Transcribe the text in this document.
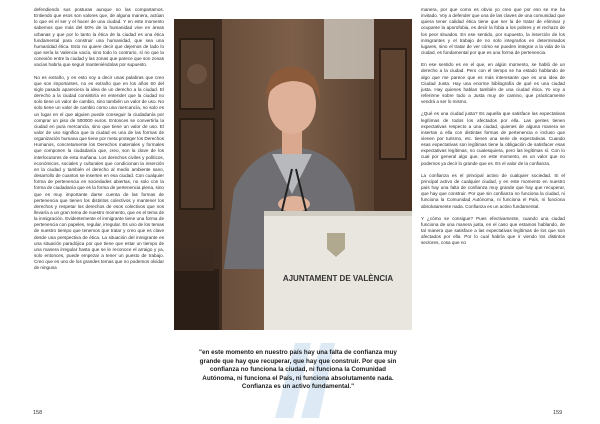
defendiendo sus posturas aunque no las compartamos. Entiendo que esos son valores que, de alguna manera, actúan lo que es el ser y el hacer de una ciudad. Y en este momento sabemos que más del 50% de la humanidad vive en áreas urbanas y que por lo tanto la ética de la ciudad es una ética fundamental para construir una humanidad, que sea una humanidad ética. Esto no quiere decir que dejemos de lado lo que sería la Valencia vacía, sino todo lo contrario, sí no que la conexión entre la ciudad y las zonas que parece que son zonas vacías habría que seguir manteniéndolas por supuesto.

No es extraño, y en esto voy a decir unas palabras que creo que son importantes, no es extraño que en los años 60 del siglo pasado apareciera la idea de un derecho a la ciudad. El derecho a la ciudad consistiría en entender que la ciudad no solo tiene un valor de cambio, sino también un valor de uso. No solo tiene un valor de cambio como una mercancía, no solo es un lugar en el que alguien puede conseguir la ciudadanía por comprar un piso de 500000 euros. Entonces se convertiría la ciudad en pura mercancía, sino que tiene un valor de uso. El valor de uso significa que la ciudad es una de las formas de organización humana que tiene por meta proteger los Derechos Humanos, concretamente los Derechos materiales y formales que componen la ciudadanía que, creo, son la clave de los interlocutores de esta mañana. Los derechos civiles y políticos, económicos, sociales y culturales que condicionan la inserción en la ciudad y también el derecho al medio ambiente sano, desarrollo de cuantos se inserten en esa ciudad. Con cualquier forma de pertenencia en sociedades abiertas, no solo con la forma de ciudadanía que es la forma de pertenencia plena, sino que es muy importante darse cuenta de las formas de pertenencia que tienen los distintos colectivos y mantener los derechos y respetar los derechos de esos colectivos que nos llevaría a un gran tema de nuestro momento, que es el tema de la inmigración. Evidentemente el inmigrante tiene una forma de pertenencia con papeles, regular, irregular. Es uno de los temas de nuestro tiempo que tenemos que tratar y creo que es clave desde una perspectiva de ética. La situación del inmigrante es una situación paradójica por que tiene que estar un tiempo de una manera irregular hasta que se le reconoce el arraigo y ya, solo entonces, puede empezar a tener un puesto de trabajo. Creo que es uno de los grandes temas que no podemos olvidar de ninguna

AJUNTAMENT DE VALÈNCIA
"en este momento en nuestro país hay una falta de confianza muy grande que hay que recuperar, que hay que construir. Por que sin confianza no funciona la ciudad, ni funciona la Comunidad Autónoma, ni funciona el País, ni funciona absolutamente nada. Confianza es un activo fundamental."

manera, por que como es obvio yo creo que por eso se me ha invitado. Voy a defender que una de las claves de una comunidad que quiera tener calidad ética tiene que ser la de tratar de eliminar y ocuparse la aporofobia, es decir la fobia a los pobres y el rechazo de los peor situados. En ese sentido, por supuesto, la inserción de los inmigrantes y el trabajo de no solo integrarlos en determinados lugares, sino el tratar de ver cómo se pueden integrar a la vida de la ciudad, es fundamental por que es una forma de pertenencia.

En ese sentido es en el que, en algún momento, se habló de un derecho a la ciudad. Pero con el tiempo se ha estado hablando de algo que me parece que es más interesante que es una idea de Ciudad Justa. Hay una enorme bibliografía de qué es una ciudad justa. Hay quienes hablan también de una ciudad ética. Yo voy a referirme sobre todo a Justa muy de camino, que prácticamente vendrá a ser lo mismo.

¿Qué es una ciudad justa? Es aquella que satisface las expectativas legítimas de todos los afectados por ella. Las gentes tienen expectativas respecto a una ciudad, quienes de alguna manera se insertan a ella con distintas formas de pertenencia e incluso que vienen por turismo, etc. tienen una serie de expectativas. Cuando esas expectativas son legítimas tiene la obligación de satisfacer esas expectativas legítimas, no cualesquiera, pero las legítimas sí. Con lo cual por general algo que, en este momento, es un valor que no podemos ya decir lo grande que es. Es el valor de la confianza.

La confianza es el principal activo de cualquier sociedad. Si el principal activo de cualquier ciudad, y en este momento en nuestro país hay una falta de confianza muy grande que hay que recuperar, que hay que construir. Por que sin confianza no funciona la ciudad, ni funciona la Comunidad Autónoma, ni funciona el País, ni funciona absolutamente nada. Confianza es un activo fundamental.

Y ¿cómo se consigue? Pues efectivamente, cuando una ciudad funciona de una manera justa, en el caso que estamos hablando, de tal manera que satisface a las expectativas legítimas de los que son afectados por ella. Por lo cual habría que ir viendo los distintos sectores, cosa que no

158	159
